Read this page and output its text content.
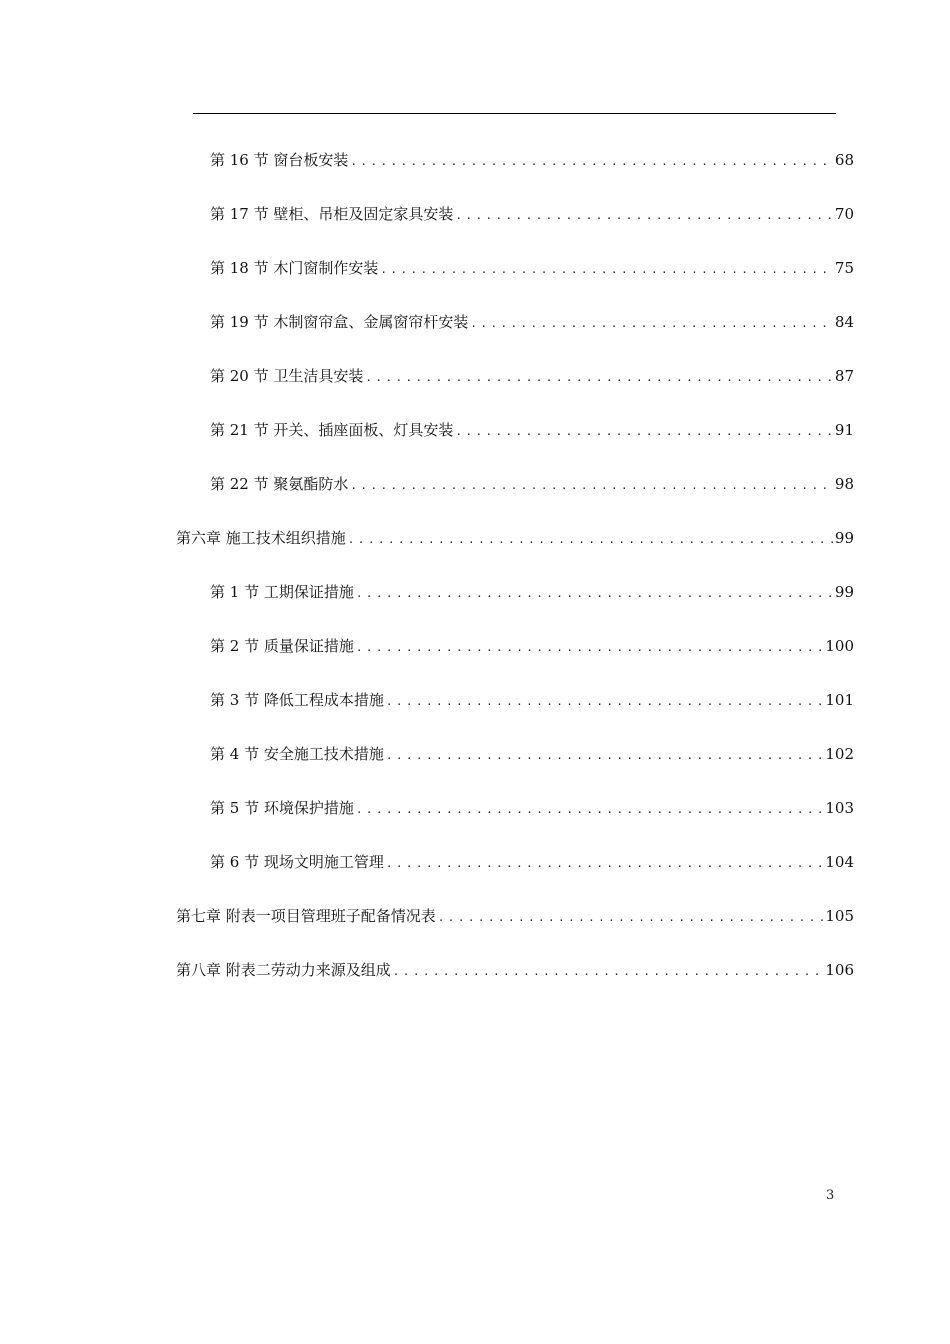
第 16 节 窗台板安装 .....	68
第 17 节 壁柜、吊柜及固定家具安装 .....	70
第 18 节 木门窗制作安装 .....	75
第 19 节 木制窗帘盒、金属窗帘杆安装 .....	84
第 20 节 卫生洁具安装 .....	87
第 21 节 开关、插座面板、灯具安装 .....	91
第 22 节 聚氨酯防水 .....	98
第六章 施工技术组织措施 .....	99
第 1 节 工期保证措施 .....	99
第 2 节 质量保证措施 .....	100
第 3 节 降低工程成本措施 .....	101
第 4 节 安全施工技术措施 .....	102
第 5 节 环境保护措施 .....	103
第 6 节 现场文明施工管理 .....	104
第七章 附表一项目管理班子配备情况表 .....	105
第八章 附表二劳动力来源及组成 .....	106
3
